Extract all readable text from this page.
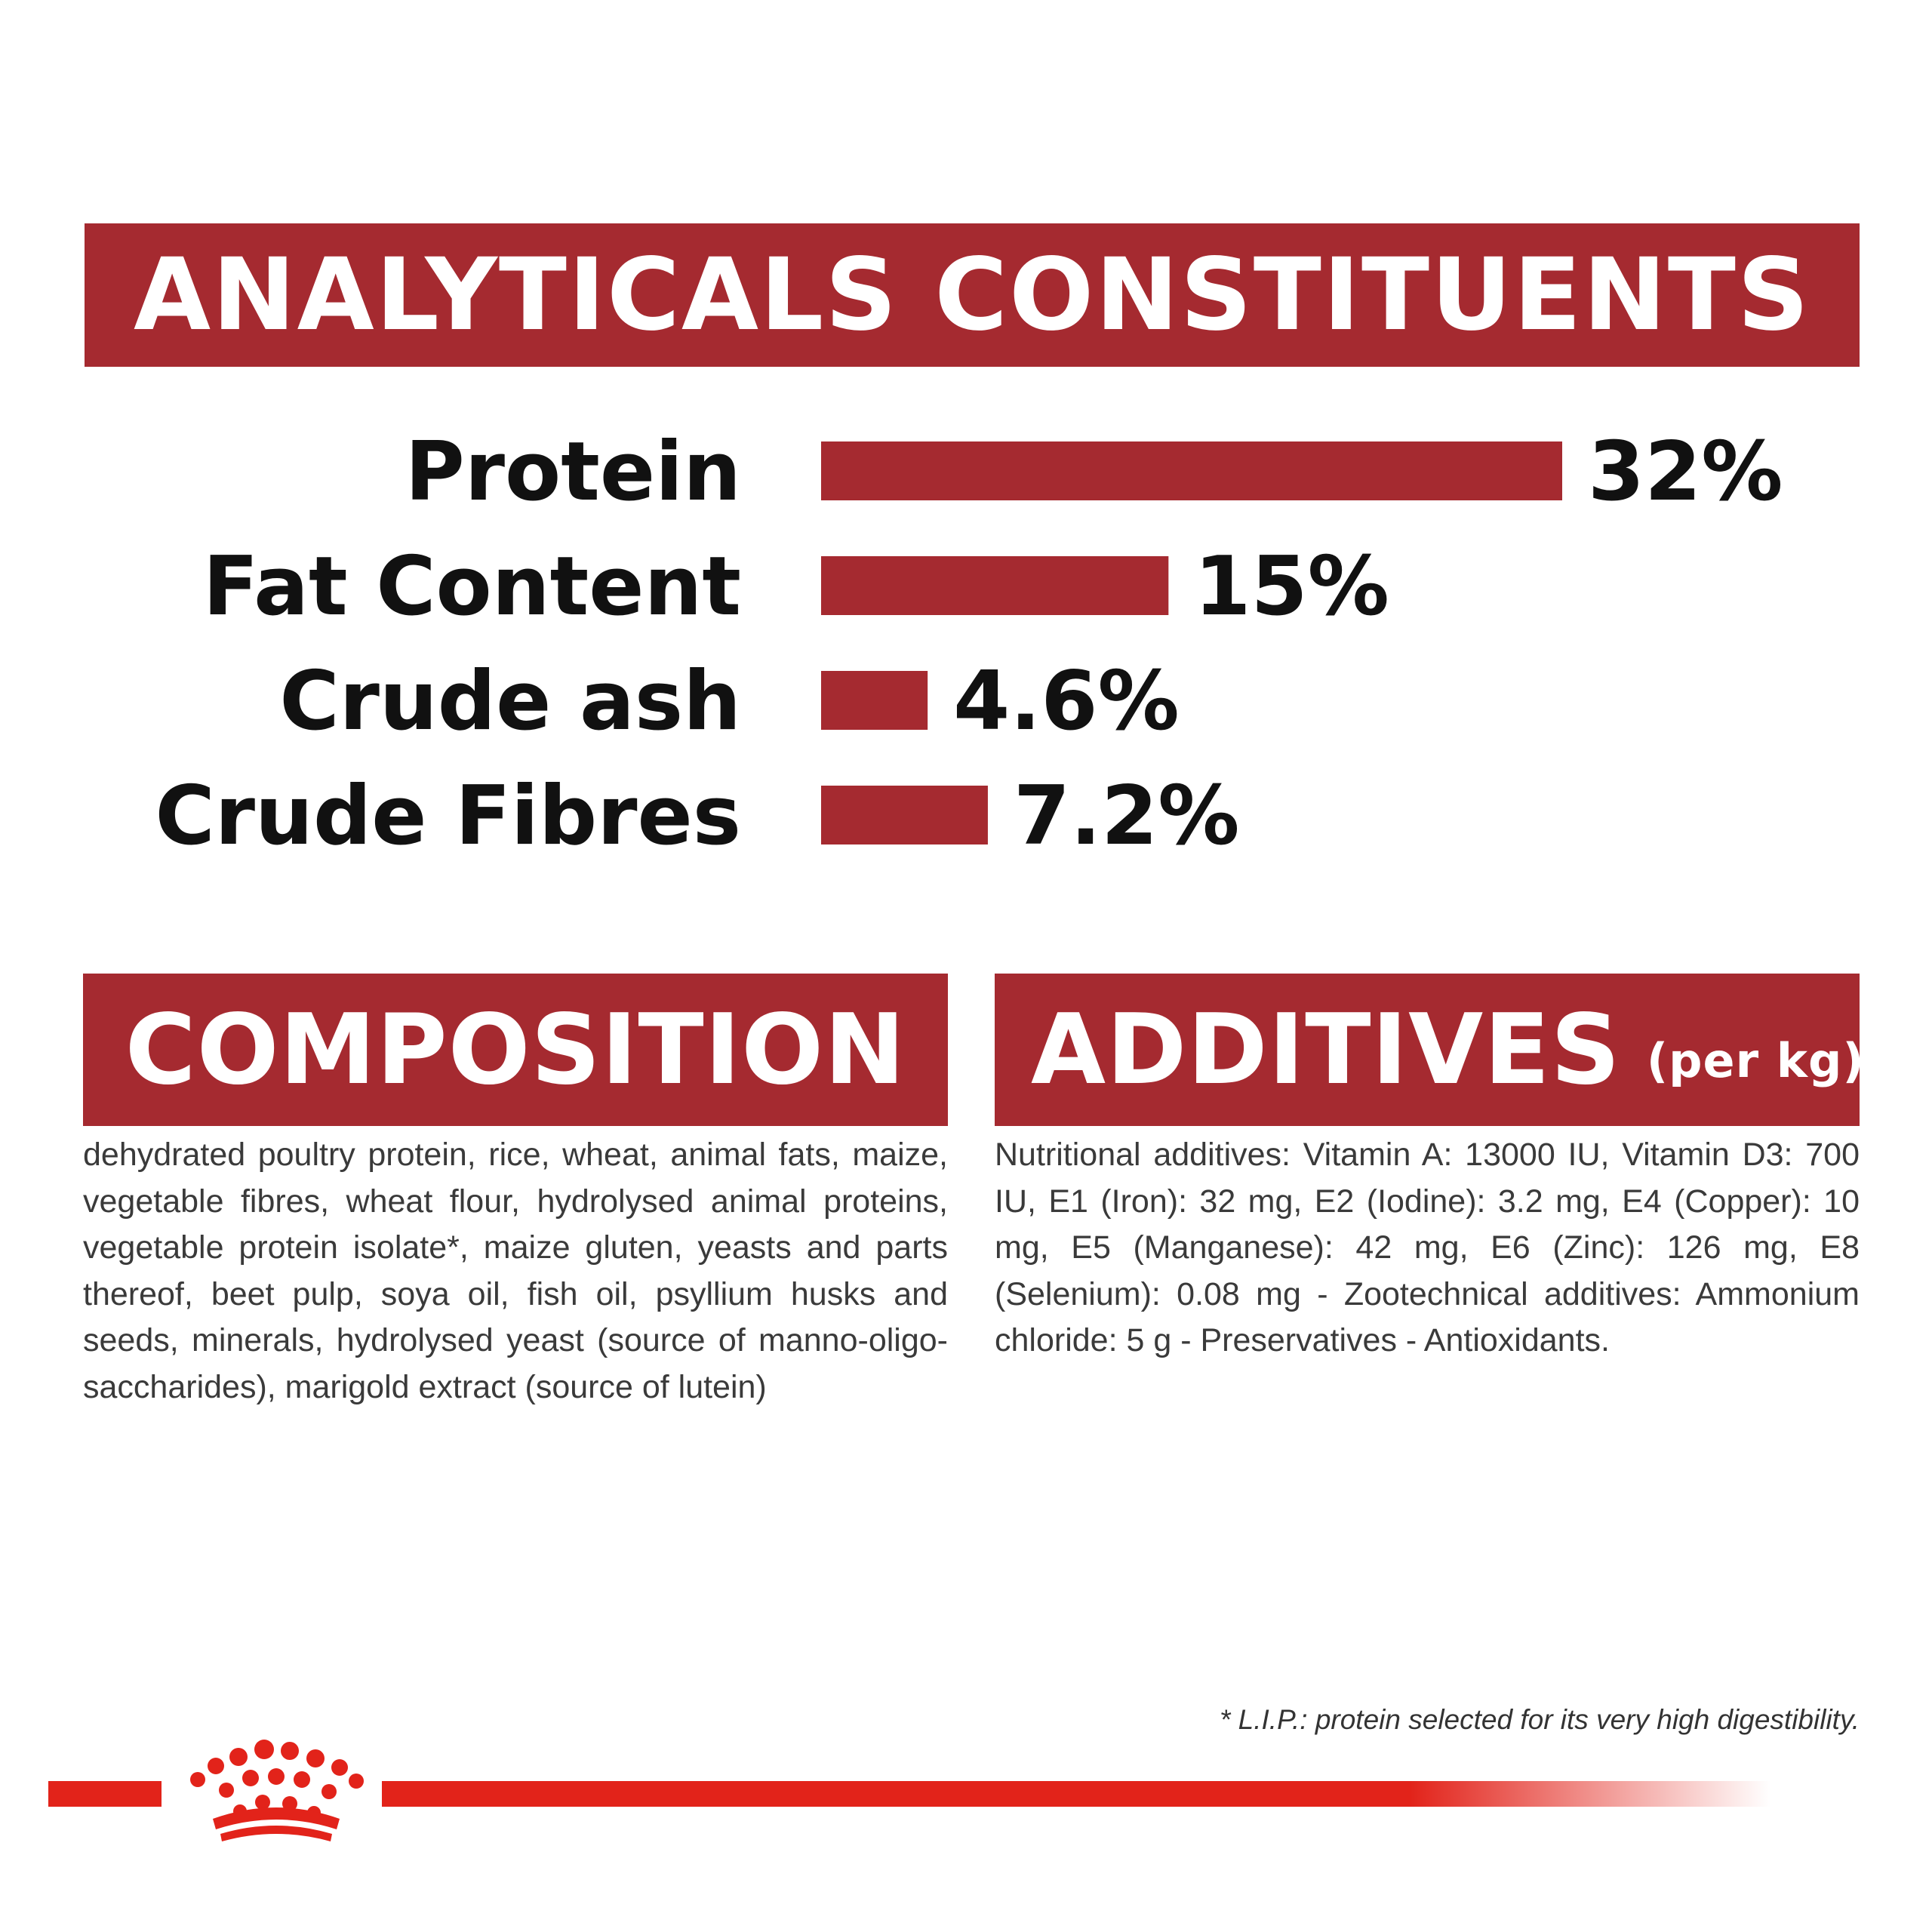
ANALYTICALS CONSTITUENTS
Protein	32%
Fat Content	15%
Crude ash	4.6%
Crude Fibres	7.2%
COMPOSITION

dehydrated poultry protein, rice, wheat, animal fats, maize, vegetable fibres, wheat flour, hydrolysed animal proteins, vegetable protein isolate*, maize gluten, yeasts and parts thereof, beet pulp, soya oil, fish oil, psyllium husks and seeds, minerals, hydrolysed yeast (source of manno-oligo-saccharides), marigold extract (source of lutein)

ADDITIVES (per kg)

Nutritional additives: Vitamin A: 13000 IU, Vitamin D3: 700 IU, E1 (Iron): 32 mg, E2 (Iodine): 3.2 mg, E4 (Copper): 10 mg, E5 (Manganese): 42 mg, E6 (Zinc): 126 mg, E8 (Selenium): 0.08 mg - Zootechnical additives: Ammonium chloride: 5 g - Preservatives - Antioxidants.

* L.I.P.: protein selected for its very high digestibility.
